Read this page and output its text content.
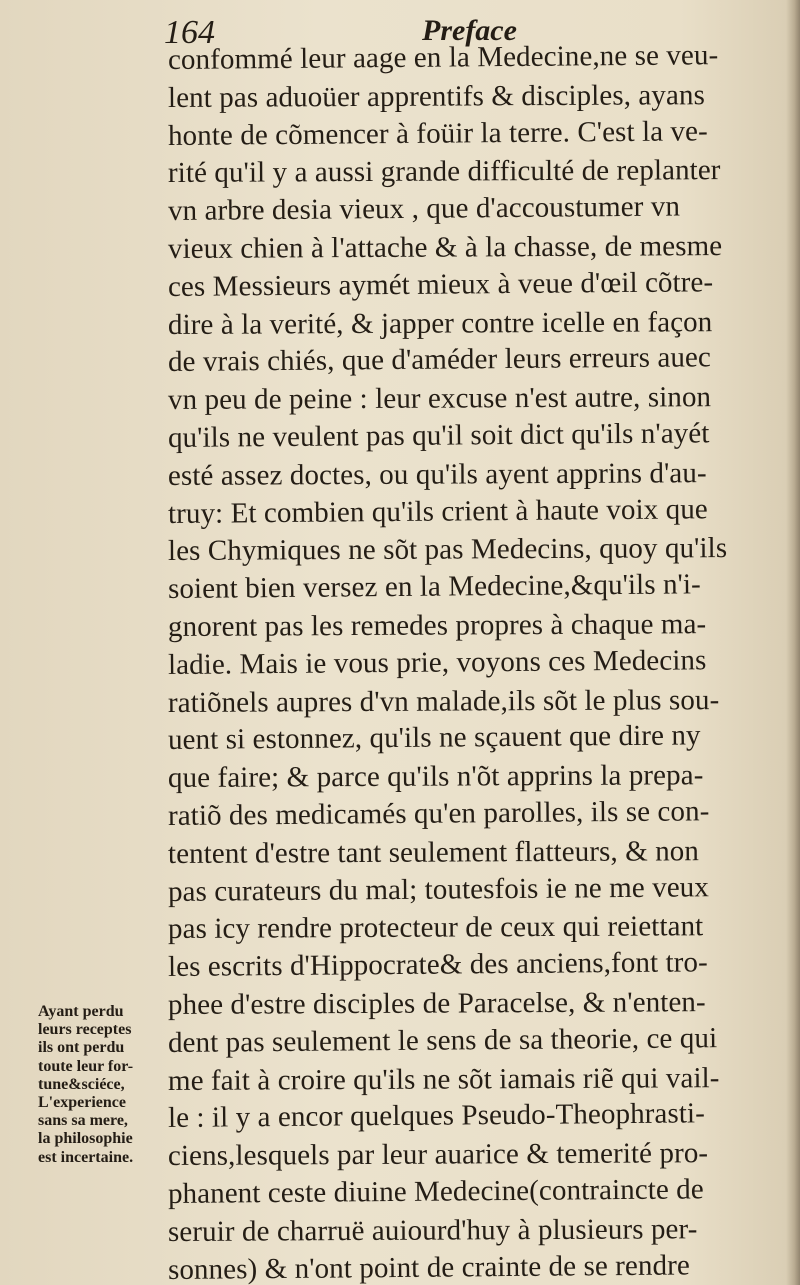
164	Preface
confommé leur aage en la Medecine,ne se veu-
lent pas aduoüer apprentifs & disciples, ayans
honte de cõmencer à foüir la terre. C'est la ve-
rité qu'il y a aussi grande difficulté de replanter
vn arbre desia vieux , que d'accoustumer vn
vieux chien à l'attache & à la chasse, de mesme
ces Messieurs aymét mieux à veue d'œil cõtre-
dire à la verité, & japper contre icelle en façon
de vrais chiés, que d'améder leurs erreurs auec
vn peu de peine : leur excuse n'est autre, sinon
qu'ils ne veulent pas qu'il soit dict qu'ils n'ayét
esté assez doctes, ou qu'ils ayent apprins d'au-
truy: Et combien qu'ils crient à haute voix que
les Chymiques ne sõt pas Medecins, quoy qu'ils
soient bien versez en la Medecine,&qu'ils n'i-
gnorent pas les remedes propres à chaque ma-
ladie. Mais ie vous prie, voyons ces Medecins
ratiõnels aupres d'vn malade,ils sõt le plus sou-
uent si estonnez, qu'ils ne sçauent que dire ny
que faire; & parce qu'ils n'õt apprins la prepa-
ratiõ des medicamés qu'en parolles, ils se con-
tentent d'estre tant seulement flatteurs, & non
pas curateurs du mal; toutesfois ie ne me veux
pas icy rendre protecteur de ceux qui reiettant
les escrits d'Hippocrate& des anciens,font tro-
phee d'estre disciples de Paracelse, & n'enten-
dent pas seulement le sens de sa theorie, ce qui
me fait à croire qu'ils ne sõt iamais riẽ qui vail-
le : il y a encor quelques Pseudo-Theophrasti-
ciens,lesquels par leur auarice & temerité pro-
phanent ceste diuine Medecine(contraincte de
seruir de charruë auiourd'huy à plusieurs per-
sonnes) & n'ont point de crainte de se rendre
Ayant perdu
leurs receptes
ils ont perdu
toute leur for-
tune&sciéce,
L'experience
sans sa mere,
la philosophie
est incertaine.
